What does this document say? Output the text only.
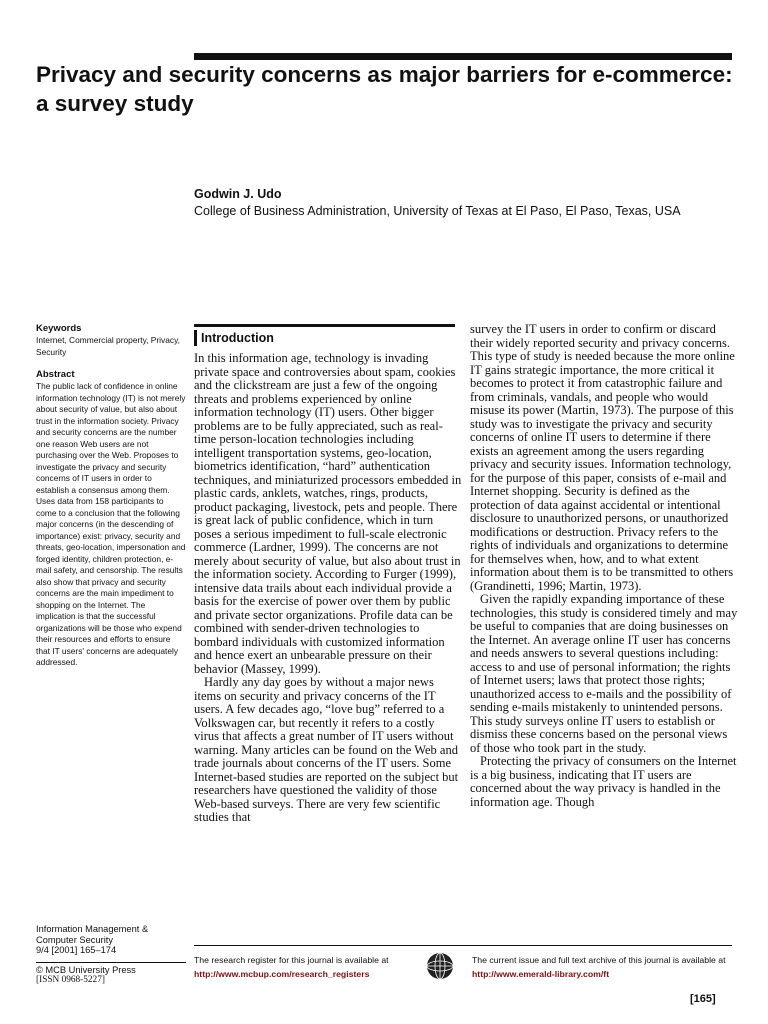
Privacy and security concerns as major barriers for e-commerce: a survey study
Godwin J. Udo
College of Business Administration, University of Texas at El Paso, El Paso, Texas, USA
Keywords
Internet, Commercial property, Privacy, Security
Abstract
The public lack of confidence in online information technology (IT) is not merely about security of value, but also about trust in the information society. Privacy and security concerns are the number one reason Web users are not purchasing over the Web. Proposes to investigate the privacy and security concerns of IT users in order to establish a consensus among them. Uses data from 158 participants to come to a conclusion that the following major concerns (in the descending of importance) exist: privacy, security and threats, geo-location, impersonation and forged identity, children protection, e-mail safety, and censorship. The results also show that privacy and security concerns are the main impediment to shopping on the Internet. The implication is that the successful organizations will be those who expend their resources and efforts to ensure that IT users' concerns are adequately addressed.
Introduction

In this information age, technology is invading private space and controversies about spam, cookies and the clickstream are just a few of the ongoing threats and problems experienced by online information technology (IT) users. Other bigger problems are to be fully appreciated, such as real-time person-location technologies including intelligent transportation systems, geo-location, biometrics identification, “hard” authentication techniques, and miniaturized processors embedded in plastic cards, anklets, watches, rings, products, product packaging, livestock, pets and people. There is great lack of public confidence, which in turn poses a serious impediment to full-scale electronic commerce (Lardner, 1999). The concerns are not merely about security of value, but also about trust in the information society. According to Furger (1999), intensive data trails about each individual provide a basis for the exercise of power over them by public and private sector organizations. Profile data can be combined with sender-driven technologies to bombard individuals with customized information and hence exert an unbearable pressure on their behavior (Massey, 1999).

Hardly any day goes by without a major news items on security and privacy concerns of the IT users. A few decades ago, “love bug” referred to a Volkswagen car, but recently it refers to a costly virus that affects a great number of IT users without warning. Many articles can be found on the Web and trade journals about concerns of the IT users. Some Internet-based studies are reported on the subject but researchers have questioned the validity of those Web-based surveys. There are very few scientific studies that

survey the IT users in order to confirm or discard their widely reported security and privacy concerns. This type of study is needed because the more online IT gains strategic importance, the more critical it becomes to protect it from catastrophic failure and from criminals, vandals, and people who would misuse its power (Martin, 1973). The purpose of this study was to investigate the privacy and security concerns of online IT users to determine if there exists an agreement among the users regarding privacy and security issues. Information technology, for the purpose of this paper, consists of e-mail and Internet shopping. Security is defined as the protection of data against accidental or intentional disclosure to unauthorized persons, or unauthorized modifications or destruction. Privacy refers to the rights of individuals and organizations to determine for themselves when, how, and to what extent information about them is to be transmitted to others (Grandinetti, 1996; Martin, 1973).

Given the rapidly expanding importance of these technologies, this study is considered timely and may be useful to companies that are doing businesses on the Internet. An average online IT user has concerns and needs answers to several questions including: access to and use of personal information; the rights of Internet users; laws that protect those rights; unauthorized access to e-mails and the possibility of sending e-mails mistakenly to unintended persons. This study surveys online IT users to establish or dismiss these concerns based on the personal views of those who took part in the study.

Protecting the privacy of consumers on the Internet is a big business, indicating that IT users are concerned about the way privacy is handled in the information age. Though

Information Management & Computer Security
9/4 [2001] 165–174
© MCB University Press
[ISSN 0968-5227]
The research register for this journal is available at
http://www.mcbup.com/research_registers
The current issue and full text archive of this journal is available at
http://www.emerald-library.com/ft
[165]
